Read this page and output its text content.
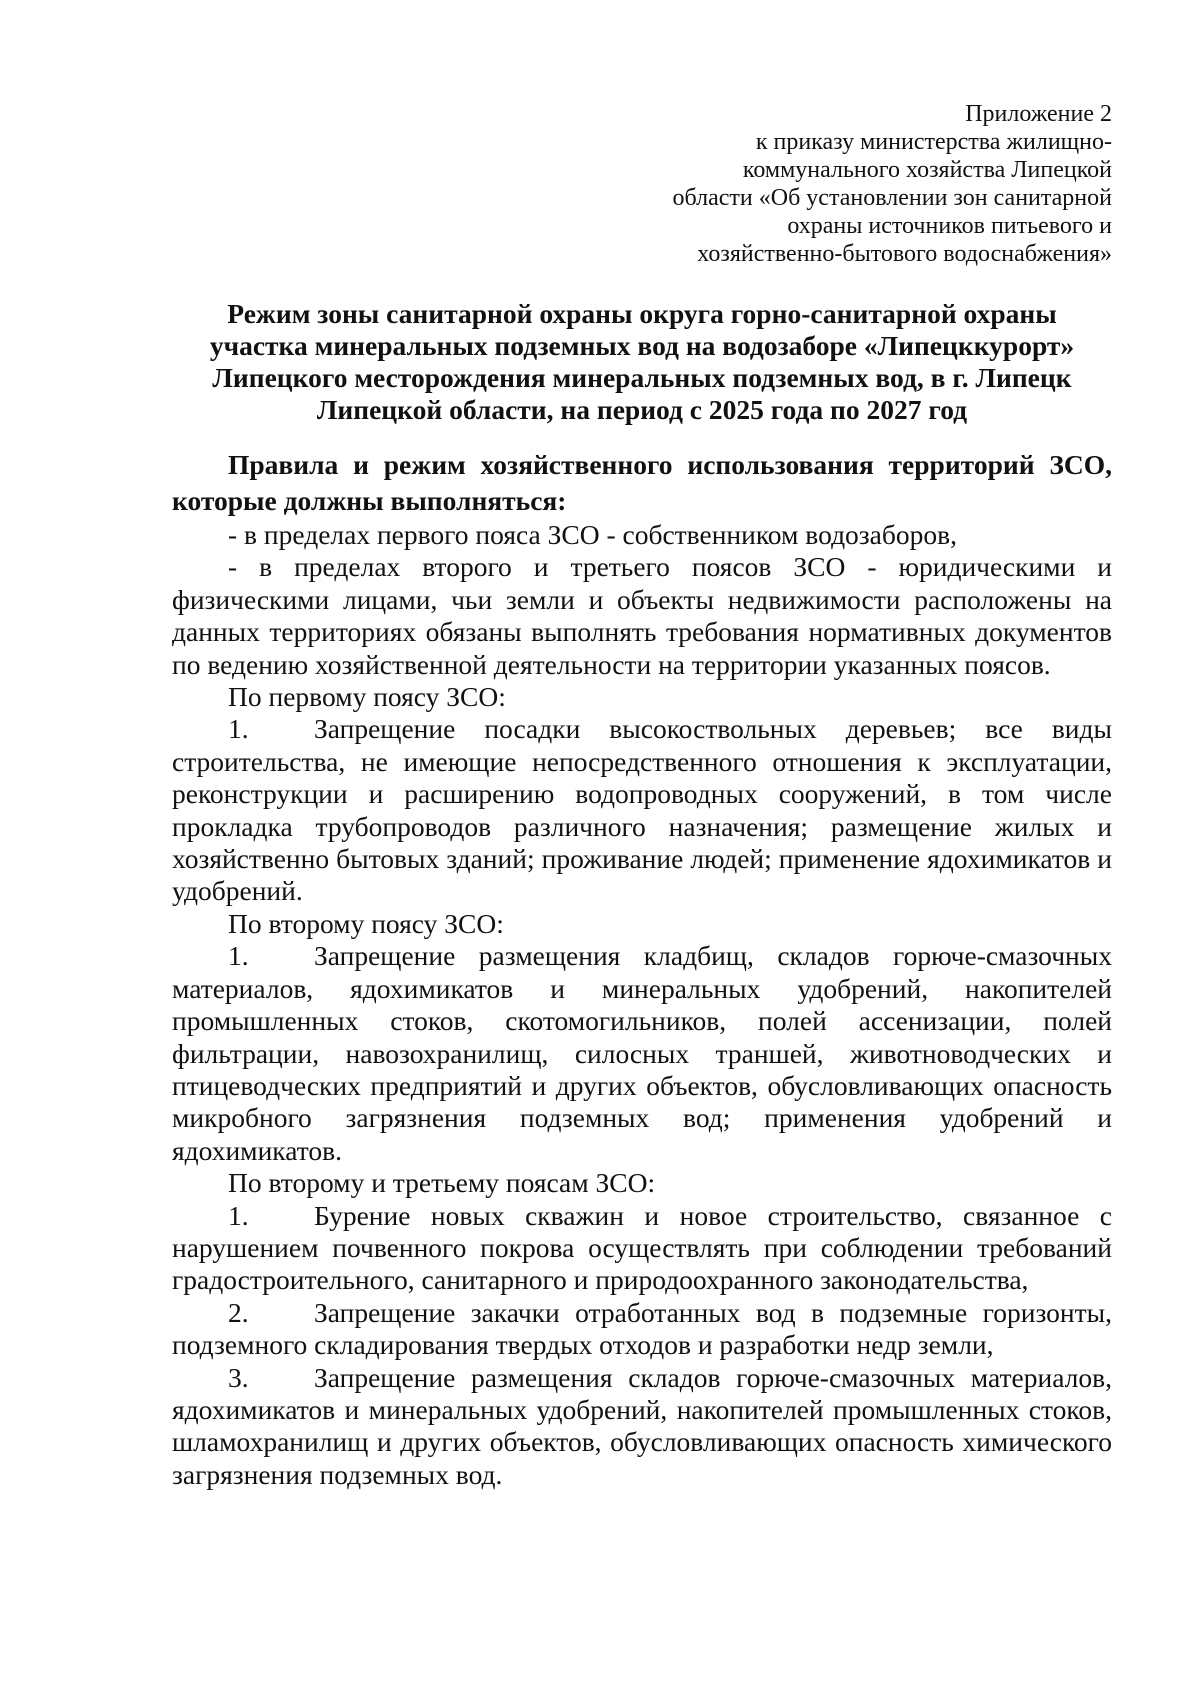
Приложение 2
к приказу министерства жилищно-
коммунального хозяйства Липецкой
области «Об установлении зон санитарной
охраны источников питьевого и
хозяйственно-бытового водоснабжения»
Режим зоны санитарной охраны округа горно-санитарной охраны
участка минеральных подземных вод на водозаборе «Липецккурорт»
Липецкого месторождения минеральных подземных вод, в г. Липецк
Липецкой области, на период с 2025 года по 2027 год

Правила и режим хозяйственного использования территорий ЗСО, которые должны выполняться:

- в пределах первого пояса ЗСО - собственником водозаборов,

- в пределах второго и третьего поясов ЗСО - юридическими и физическими лицами, чьи земли и объекты недвижимости расположены на данных территориях обязаны выполнять требования нормативных документов по ведению хозяйственной деятельности на территории указанных поясов.

По первому поясу ЗСО:

1. Запрещение посадки высокоствольных деревьев; все виды строительства, не имеющие непосредственного отношения к эксплуатации, реконструкции и расширению водопроводных сооружений, в том числе прокладка трубопроводов различного назначения; размещение жилых и хозяйственно бытовых зданий; проживание людей; применение ядохимикатов и удобрений.

По второму поясу ЗСО:

1. Запрещение размещения кладбищ, складов горюче-смазочных материалов, ядохимикатов и минеральных удобрений, накопителей промышленных стоков, скотомогильников, полей ассенизации, полей фильтрации, навозохранилищ, силосных траншей, животноводческих и птицеводческих предприятий и других объектов, обусловливающих опасность микробного загрязнения подземных вод; применения удобрений и ядохимикатов.

По второму и третьему поясам ЗСО:

1. Бурение новых скважин и новое строительство, связанное с нарушением почвенного покрова осуществлять при соблюдении требований градостроительного, санитарного и природоохранного законодательства,

2. Запрещение закачки отработанных вод в подземные горизонты, подземного складирования твердых отходов и разработки недр земли,

3. Запрещение размещения складов горюче-смазочных материалов, ядохимикатов и минеральных удобрений, накопителей промышленных стоков, шламохранилищ и других объектов, обусловливающих опасность химического загрязнения подземных вод.
